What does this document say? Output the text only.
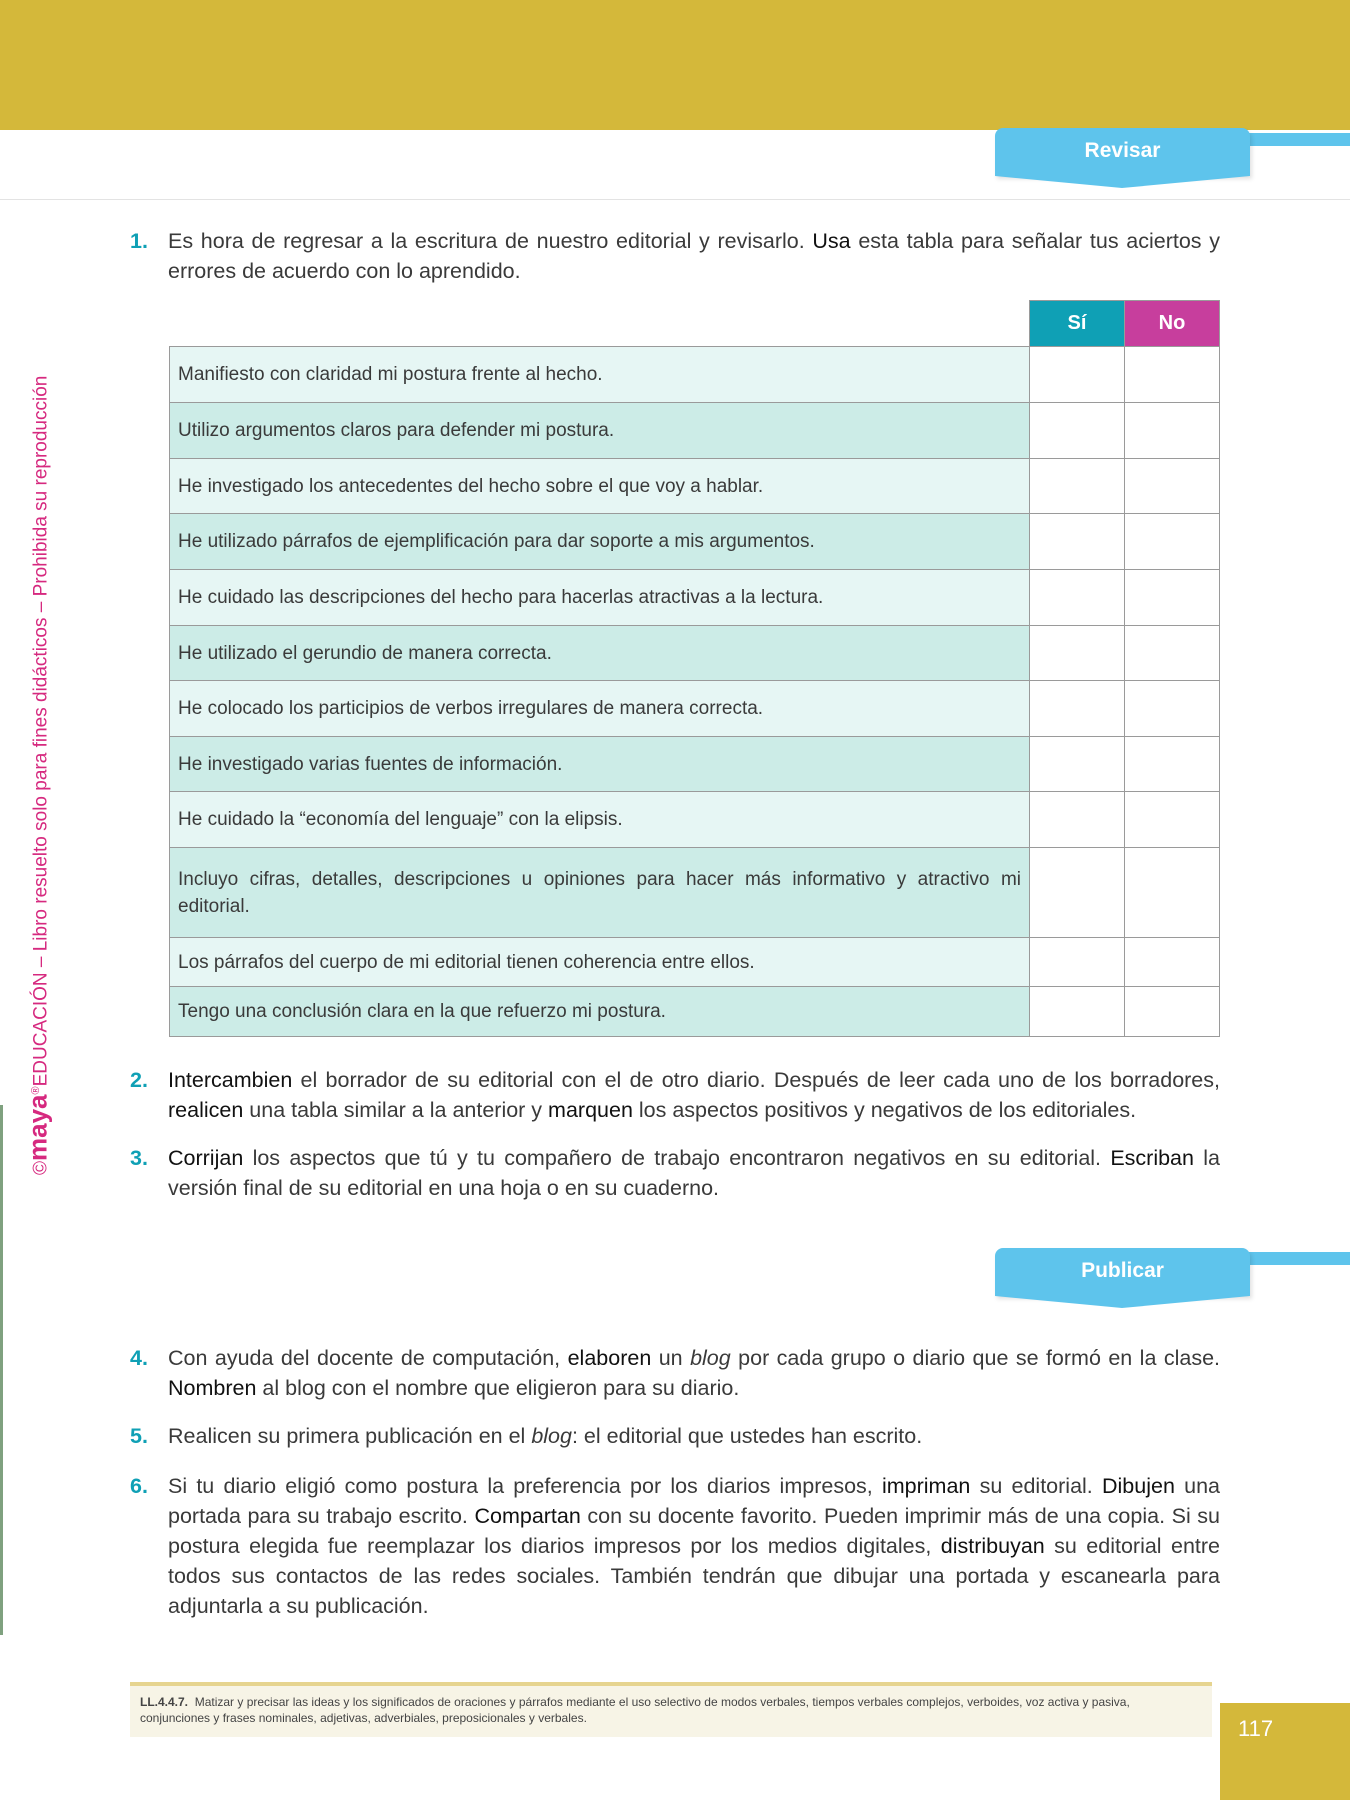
Revisar
©maya®EDUCACIÓN – Libro resuelto solo para fines didácticos – Prohibida su reproducción
1. Es hora de regresar a la escritura de nuestro editorial y revisarlo. Usa esta tabla para señalar tus aciertos y errores de acuerdo con lo aprendido.
	Sí	No
Manifiesto con claridad mi postura frente al hecho.		
Utilizo argumentos claros para defender mi postura.		
He investigado los antecedentes del hecho sobre el que voy a hablar.		
He utilizado párrafos de ejemplificación para dar soporte a mis argumentos.		
He cuidado las descripciones del hecho para hacerlas atractivas a la lectura.		
He utilizado el gerundio de manera correcta.		
He colocado los participios de verbos irregulares de manera correcta.		
He investigado varias fuentes de información.		
He cuidado la “economía del lenguaje” con la elipsis.		
Incluyo cifras, detalles, descripciones u opiniones para hacer más informativo y atractivo mi editorial.		
Los párrafos del cuerpo de mi editorial tienen coherencia entre ellos.		
Tengo una conclusión clara en la que refuerzo mi postura.		
2. Intercambien el borrador de su editorial con el de otro diario. Después de leer cada uno de los borradores, realicen una tabla similar a la anterior y marquen los aspectos positivos y negativos de los editoriales.
3. Corrijan los aspectos que tú y tu compañero de trabajo encontraron negativos en su editorial. Escriban la versión final de su editorial en una hoja o en su cuaderno.
Publicar
4. Con ayuda del docente de computación, elaboren un blog por cada grupo o diario que se formó en la clase. Nombren al blog con el nombre que eligieron para su diario.
5. Realicen su primera publicación en el blog: el editorial que ustedes han escrito.
6. Si tu diario eligió como postura la preferencia por los diarios impresos, impriman su editorial. Dibujen una portada para su trabajo escrito. Compartan con su docente favorito. Pueden imprimir más de una copia. Si su postura elegida fue reemplazar los diarios impresos por los medios digitales, distribuyan su editorial entre todos sus contactos de las redes sociales. También tendrán que dibujar una portada y escanearla para adjuntarla a su publicación.
LL.4.4.7. Matizar y precisar las ideas y los significados de oraciones y párrafos mediante el uso selectivo de modos verbales, tiempos verbales complejos, verboides, voz activa y pasiva, conjunciones y frases nominales, adjetivas, adverbiales, preposicionales y verbales.	117
